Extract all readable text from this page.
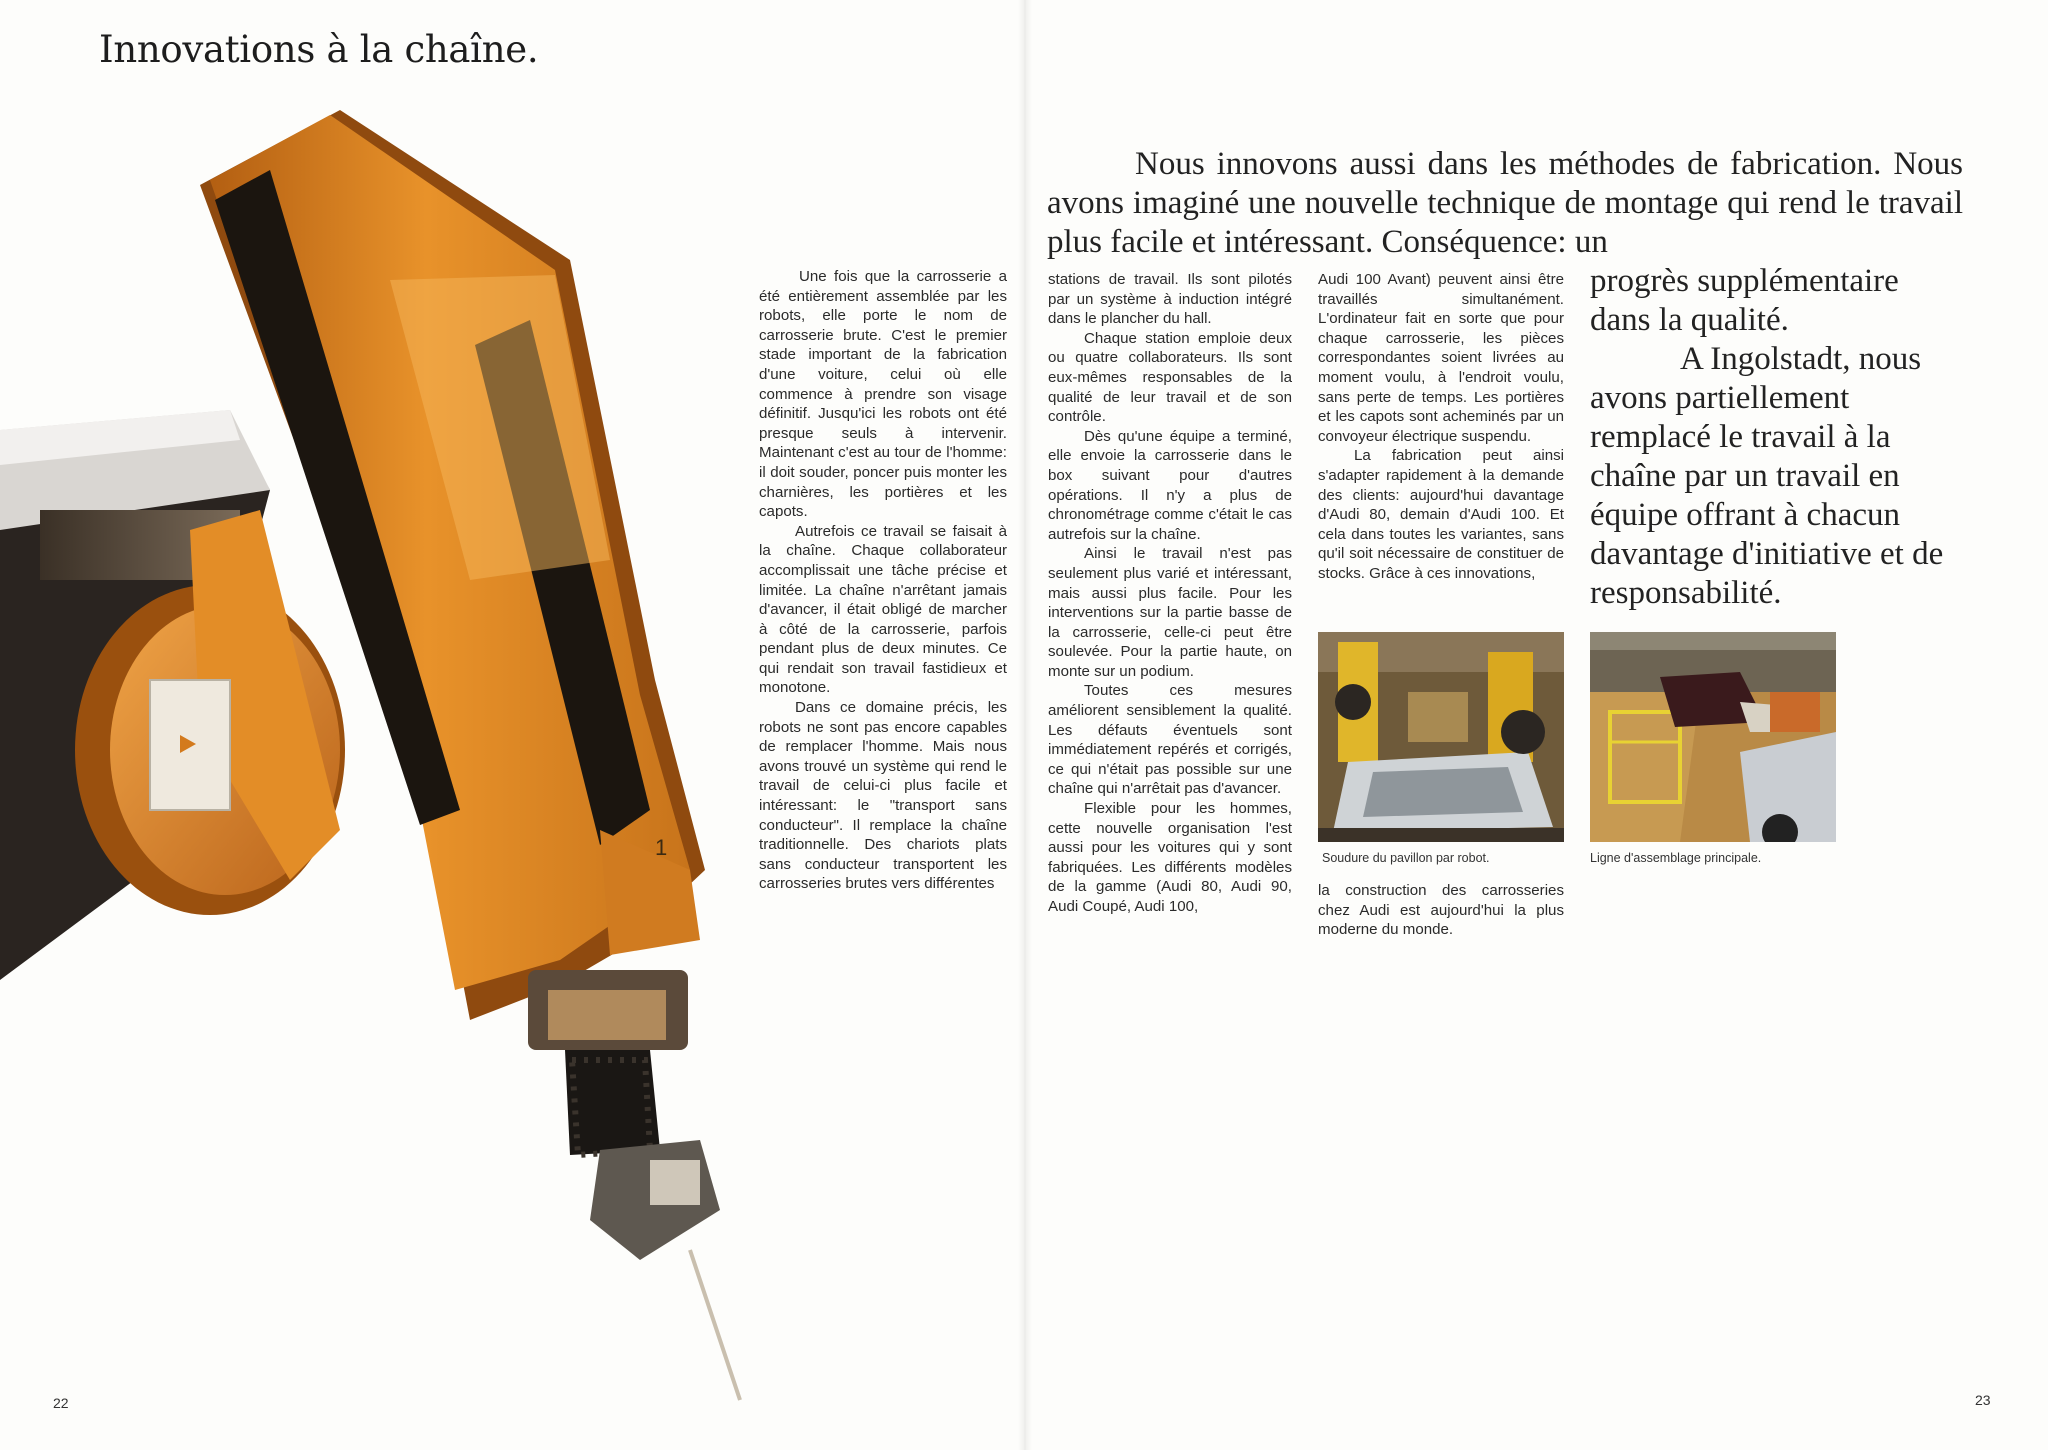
Innovations à la chaîne.
1

Une fois que la carrosserie a été entièrement assemblée par les robots, elle porte le nom de carrosserie brute. C'est le premier stade important de la fabrication d'une voiture, celui où elle commence à prendre son visage définitif. Jusqu'ici les robots ont été presque seuls à intervenir. Maintenant c'est au tour de l'homme: il doit souder, poncer puis monter les charnières, les portières et les capots.

Autrefois ce travail se faisait à la chaîne. Chaque collaborateur accomplissait une tâche précise et limitée. La chaîne n'arrêtant jamais d'avancer, il était obligé de marcher à côté de la carrosserie, parfois pendant plus de deux minutes. Ce qui rendait son travail fastidieux et monotone.

Dans ce domaine précis, les robots ne sont pas encore capables de remplacer l'homme. Mais nous avons trouvé un système qui rend le travail de celui-ci plus facile et intéressant: le "transport sans conducteur". Il remplace la chaîne traditionnelle. Des chariots plats sans conducteur transportent les carrosseries brutes vers différentes

22
Nous innovons aussi dans les méthodes de fabrication. Nous avons imaginé une nouvelle technique de montage qui rend le travail plus facile et intéressant. Conséquence: un

progrès supplémentaire dans la qualité.

A Ingolstadt, nous avons partiellement remplacé le travail à la chaîne par un travail en équipe offrant à chacun davantage d'initiative et de responsabilité.

stations de travail. Ils sont pilotés par un système à induction intégré dans le plancher du hall.

Chaque station emploie deux ou quatre collaborateurs. Ils sont eux-mêmes responsables de la qualité de leur travail et de son contrôle.

Dès qu'une équipe a terminé, elle envoie la carrosserie dans le box suivant pour d'autres opérations. Il n'y a plus de chronométrage comme c'était le cas autrefois sur la chaîne.

Ainsi le travail n'est pas seulement plus varié et intéressant, mais aussi plus facile. Pour les interventions sur la partie basse de la carrosserie, celle-ci peut être soulevée. Pour la partie haute, on monte sur un podium.

Toutes ces mesures améliorent sensiblement la qualité. Les défauts éventuels sont immédiatement repérés et corrigés, ce qui n'était pas possible sur une chaîne qui n'arrêtait pas d'avancer.

Flexible pour les hommes, cette nouvelle organisation l'est aussi pour les voitures qui y sont fabriquées. Les différents modèles de la gamme (Audi 80, Audi 90, Audi Coupé, Audi 100,

Audi 100 Avant) peuvent ainsi être travaillés simultanément. L'ordinateur fait en sorte que pour chaque carrosserie, les pièces correspondantes soient livrées au moment voulu, à l'endroit voulu, sans perte de temps. Les portières et les capots sont acheminés par un convoyeur électrique suspendu.

La fabrication peut ainsi s'adapter rapidement à la demande des clients: aujourd'hui davantage d'Audi 80, demain d'Audi 100. Et cela dans toutes les variantes, sans qu'il soit nécessaire de constituer de stocks. Grâce à ces innovations,

Soudure du pavillon par robot.	Ligne d'assemblage principale.

la construction des carrosseries chez Audi est aujourd'hui la plus moderne du monde.

23
